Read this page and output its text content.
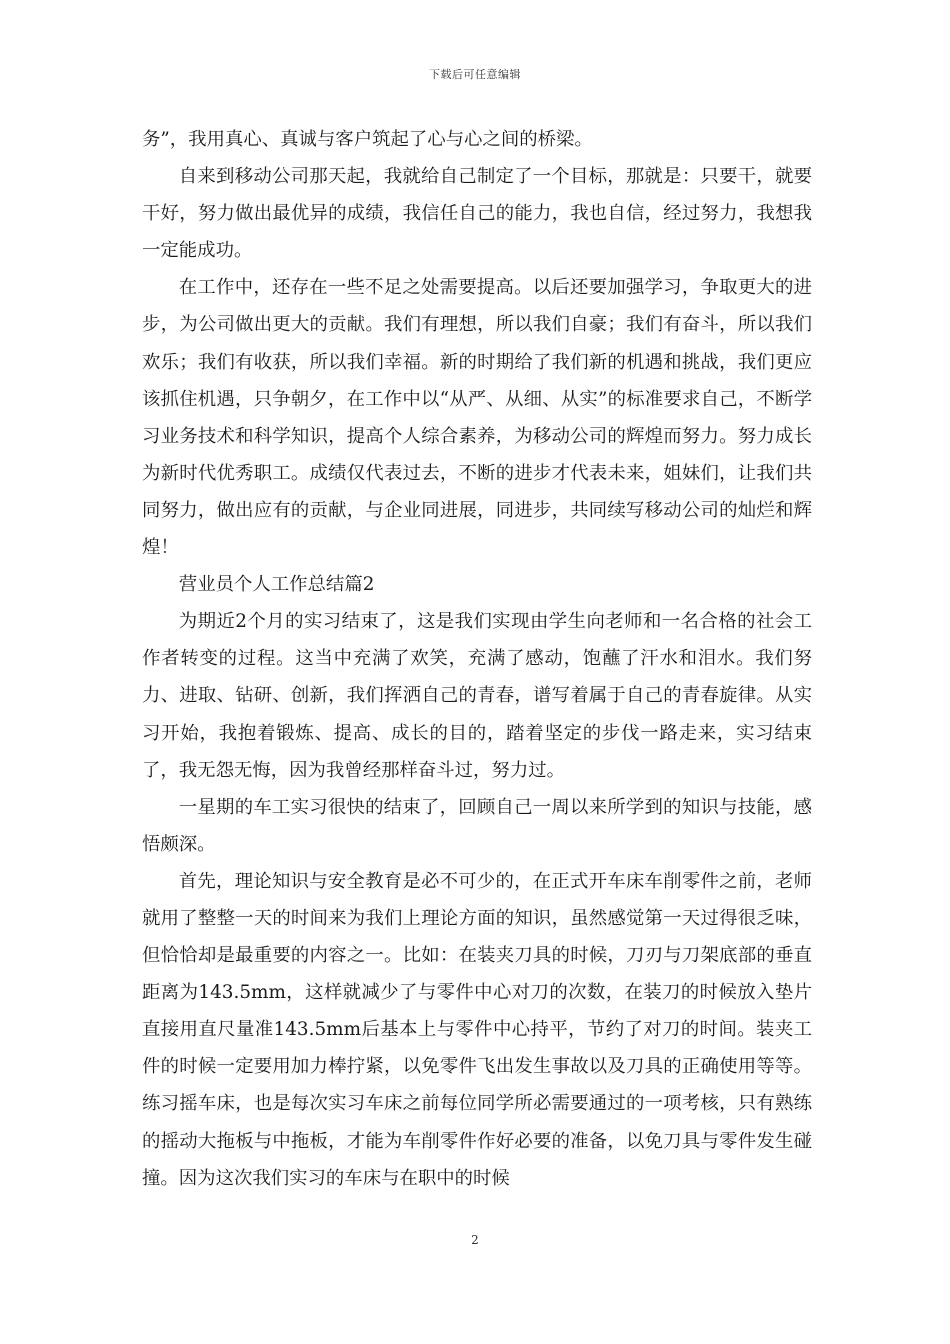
下载后可任意编辑

务”，我用真心、真诚与客户筑起了心与心之间的桥梁。

自来到移动公司那天起，我就给自己制定了一个目标，那就是：只要干，就要干好，努力做出最优异的成绩，我信任自己的能力，我也自信，经过努力，我想我一定能成功。

在工作中，还存在一些不足之处需要提高。以后还要加强学习，争取更大的进步，为公司做出更大的贡献。我们有理想，所以我们自豪；我们有奋斗，所以我们欢乐；我们有收获，所以我们幸福。新的时期给了我们新的机遇和挑战，我们更应该抓住机遇，只争朝夕，在工作中以“从严、从细、从实”的标准要求自己，不断学习业务技术和科学知识，提高个人综合素养，为移动公司的辉煌而努力。努力成长为新时代优秀职工。成绩仅代表过去，不断的进步才代表未来，姐妹们，让我们共同努力，做出应有的贡献，与企业同进展，同进步，共同续写移动公司的灿烂和辉煌！

营业员个人工作总结篇2

为期近2个月的实习结束了，这是我们实现由学生向老师和一名合格的社会工作者转变的过程。这当中充满了欢笑，充满了感动，饱蘸了汗水和泪水。我们努力、进取、钻研、创新，我们挥洒自己的青春，谱写着属于自己的青春旋律。从实习开始，我抱着锻炼、提高、成长的目的，踏着坚定的步伐一路走来，实习结束了，我无怨无悔，因为我曾经那样奋斗过，努力过。

一星期的车工实习很快的结束了，回顾自己一周以来所学到的知识与技能，感悟颇深。

首先，理论知识与安全教育是必不可少的，在正式开车床车削零件之前，老师就用了整整一天的时间来为我们上理论方面的知识，虽然感觉第一天过得很乏味，但恰恰却是最重要的内容之一。比如：在装夹刀具的时候，刀刃与刀架底部的垂直距离为143.5mm，这样就减少了与零件中心对刀的次数，在装刀的时候放入垫片直接用直尺量准143.5mm后基本上与零件中心持平，节约了对刀的时间。装夹工件的时候一定要用加力棒拧紧，以免零件飞出发生事故以及刀具的正确使用等等。练习摇车床，也是每次实习车床之前每位同学所必需要通过的一项考核，只有熟练的摇动大拖板与中拖板，才能为车削零件作好必要的准备，以免刀具与零件发生碰撞。因为这次我们实习的车床与在职中的时候

2
